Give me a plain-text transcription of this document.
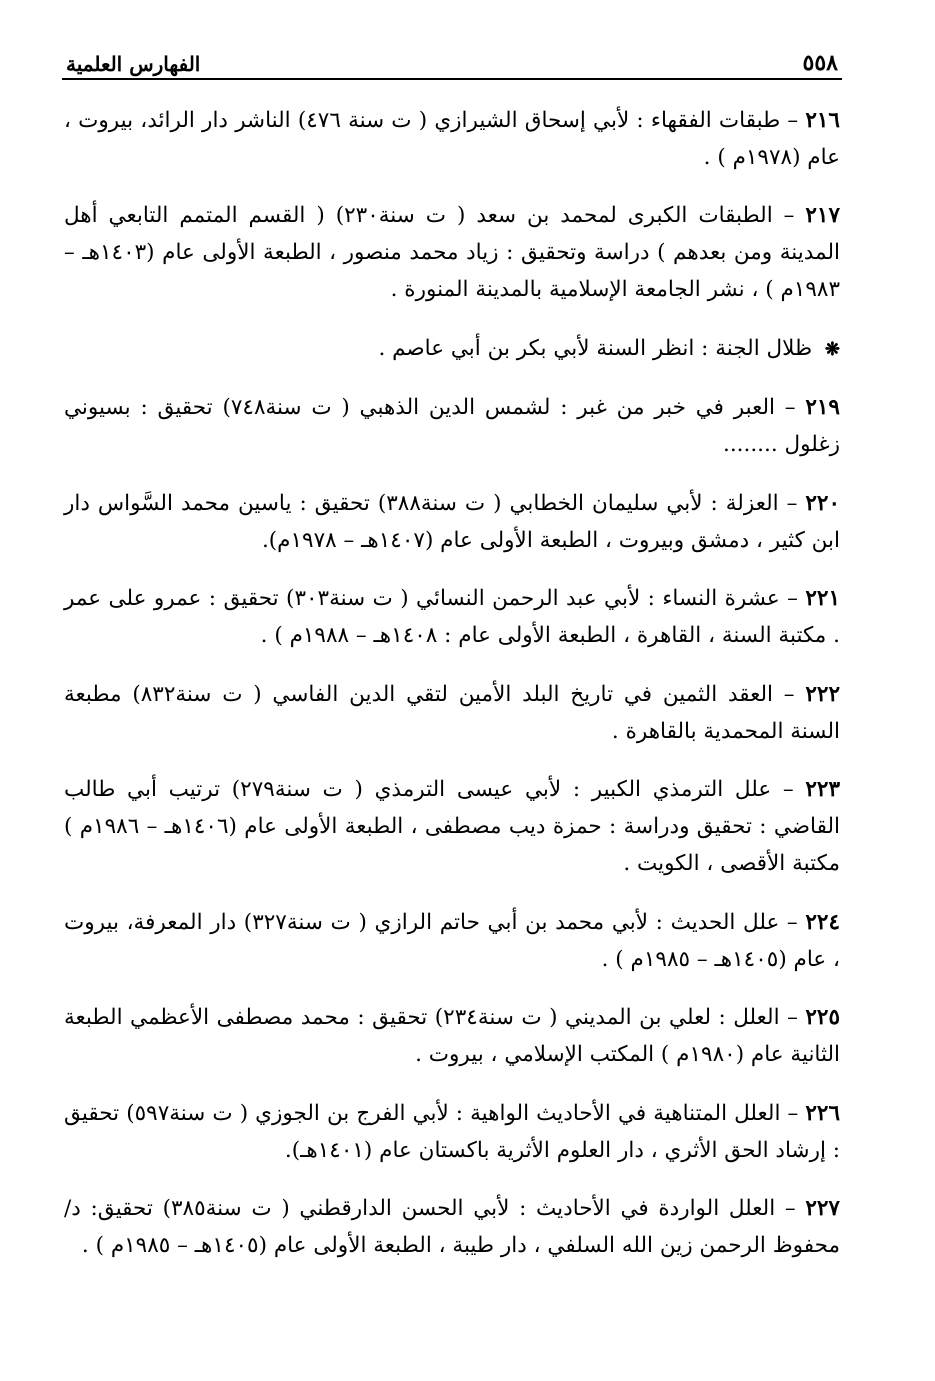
٥٥٨
الفهارس العلمية

٢١٦ – طبقات الفقهاء : لأبي إسحاق الشيرازي ( ت سنة ٤٧٦) الناشر دار الرائد، بيروت ، عام (١٩٧٨م ) .

٢١٧ – الطبقات الكبرى لمحمد بن سعد ( ت سنة٢٣٠) ( القسم المتمم التابعي أهل المدينة ومن بعدهم ) دراسة وتحقيق : زياد محمد منصور ، الطبعة الأولى عام (١٤٠٣هـ – ١٩٨٣م ) ، نشر الجامعة الإسلامية بالمدينة المنورة .

❋ ظلال الجنة : انظر السنة لأبي بكر بن أبي عاصم .

٢١٩ – العبر في خبر من غبر : لشمس الدين الذهبي ( ت سنة٧٤٨) تحقيق : بسيوني زغلول ........

٢٢٠ – العزلة : لأبي سليمان الخطابي ( ت سنة٣٨٨) تحقيق : ياسين محمد السَّواس دار ابن كثير ، دمشق وبيروت ، الطبعة الأولى عام (١٤٠٧هـ – ١٩٧٨م).

٢٢١ – عشرة النساء : لأبي عبد الرحمن النسائي ( ت سنة٣٠٣) تحقيق : عمرو على عمر . مكتبة السنة ، القاهرة ، الطبعة الأولى عام : ١٤٠٨هـ – ١٩٨٨م ) .

٢٢٢ – العقد الثمين في تاريخ البلد الأمين لتقي الدين الفاسي ( ت سنة٨٣٢) مطبعة السنة المحمدية بالقاهرة .

٢٢٣ – علل الترمذي الكبير : لأبي عيسى الترمذي ( ت سنة٢٧٩) ترتيب أبي طالب القاضي : تحقيق ودراسة : حمزة ديب مصطفى ، الطبعة الأولى عام (١٤٠٦هـ – ١٩٨٦م ) مكتبة الأقصى ، الكويت .

٢٢٤ – علل الحديث : لأبي محمد بن أبي حاتم الرازي ( ت سنة٣٢٧) دار المعرفة، بيروت ، عام (١٤٠٥هـ – ١٩٨٥م ) .

٢٢٥ – العلل : لعلي بن المديني ( ت سنة٢٣٤) تحقيق : محمد مصطفى الأعظمي الطبعة الثانية عام (١٩٨٠م ) المكتب الإسلامي ، بيروت .

٢٢٦ – العلل المتناهية في الأحاديث الواهية : لأبي الفرج بن الجوزي ( ت سنة٥٩٧) تحقيق : إرشاد الحق الأثري ، دار العلوم الأثرية باكستان عام (١٤٠١هـ).

٢٢٧ – العلل الواردة في الأحاديث : لأبي الحسن الدارقطني ( ت سنة٣٨٥) تحقيق: د/ محفوظ الرحمن زين الله السلفي ، دار طيبة ، الطبعة الأولى عام (١٤٠٥هـ – ١٩٨٥م ) .
